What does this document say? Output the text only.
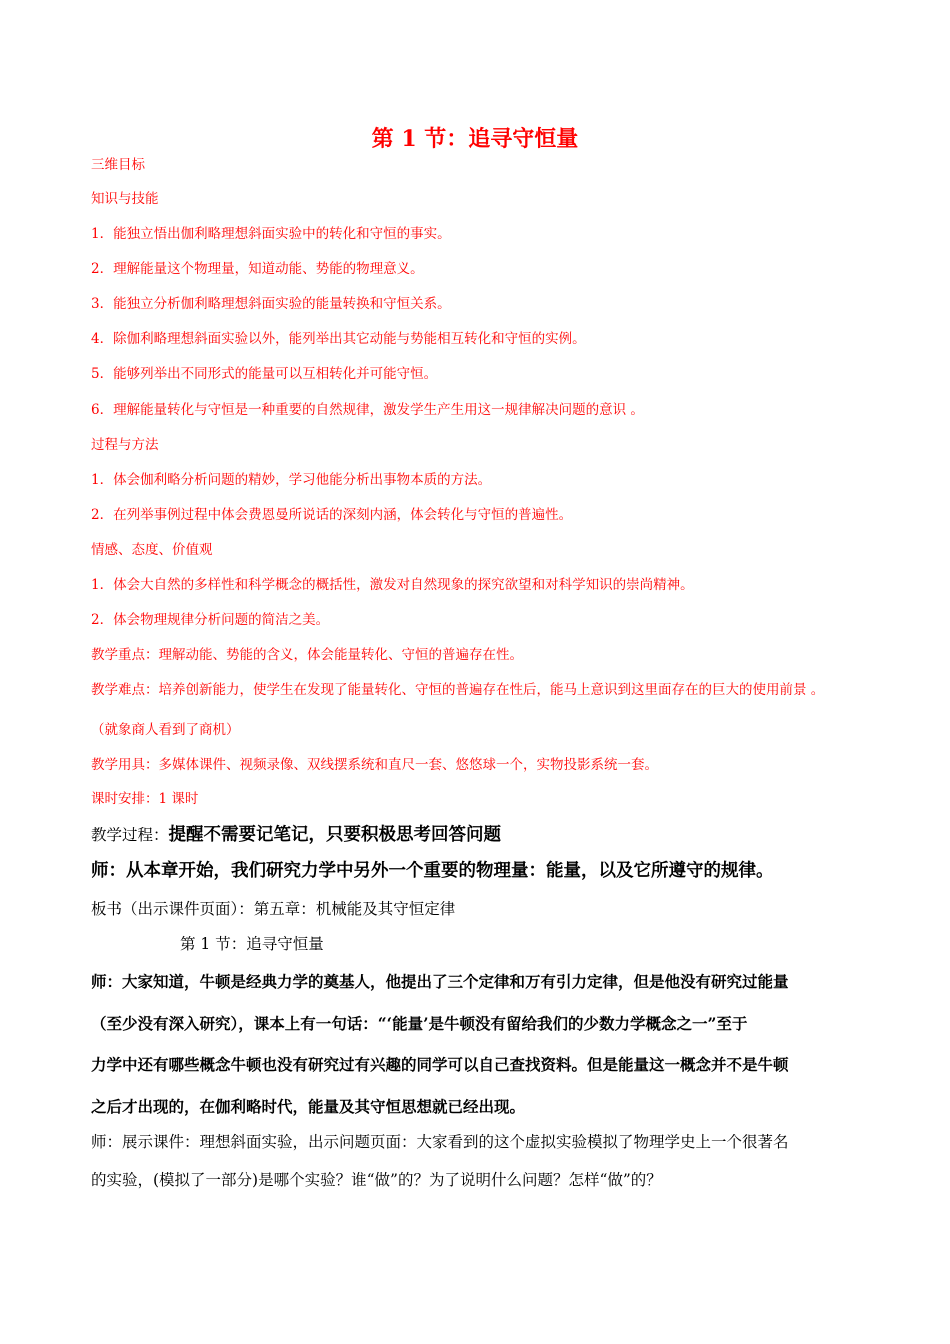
第 1 节：追寻守恒量
三维目标
知识与技能
1．能独立悟出伽利略理想斜面实验中的转化和守恒的事实。
2．理解能量这个物理量，知道动能、势能的物理意义。
3．能独立分析伽利略理想斜面实验的能量转换和守恒关系。
4．除伽利略理想斜面实验以外，能列举出其它动能与势能相互转化和守恒的实例。
5．能够列举出不同形式的能量可以互相转化并可能守恒。
6．理解能量转化与守恒是一种重要的自然规律，激发学生产生用这一规律解决问题的意识 。
过程与方法
1．体会伽利略分析问题的精妙，学习他能分析出事物本质的方法。
2．在列举事例过程中体会费恩曼所说话的深刻内涵，体会转化与守恒的普遍性。
情感、态度、价值观
1．体会大自然的多样性和科学概念的概括性，激发对自然现象的探究欲望和对科学知识的崇尚精神。
2．体会物理规律分析问题的简洁之美。
教学重点：理解动能、势能的含义，体会能量转化、守恒的普遍存在性。
教学难点：培养创新能力，使学生在发现了能量转化、守恒的普遍存在性后，能马上意识到这里面存在的巨大的使用前景 。
（就象商人看到了商机）
教学用具：多媒体课件、视频录像、双线摆系统和直尺一套、悠悠球一个，实物投影系统一套。
课时安排：1 课时
教学过程：提醒不需要记笔记，只要积极思考回答问题
师：从本章开始，我们研究力学中另外一个重要的物理量：能量，以及它所遵守的规律。
板书（出示课件页面）：第五章：机械能及其守恒定律
第 1 节：追寻守恒量
师：大家知道，牛顿是经典力学的奠基人，他提出了三个定律和万有引力定律，但是他没有研究过能量
（至少没有深入研究），课本上有一句话：“‘能量’是牛顿没有留给我们的少数力学概念之一”至于
力学中还有哪些概念牛顿也没有研究过有兴趣的同学可以自己查找资料。但是能量这一概念并不是牛顿
之后才出现的，在伽利略时代，能量及其守恒思想就已经出现。
师：展示课件：理想斜面实验，出示问题页面：大家看到的这个虚拟实验模拟了物理学史上一个很著名
的实验，(模拟了一部分)是哪个实验？谁“做”的？为了说明什么问题？怎样“做”的？
